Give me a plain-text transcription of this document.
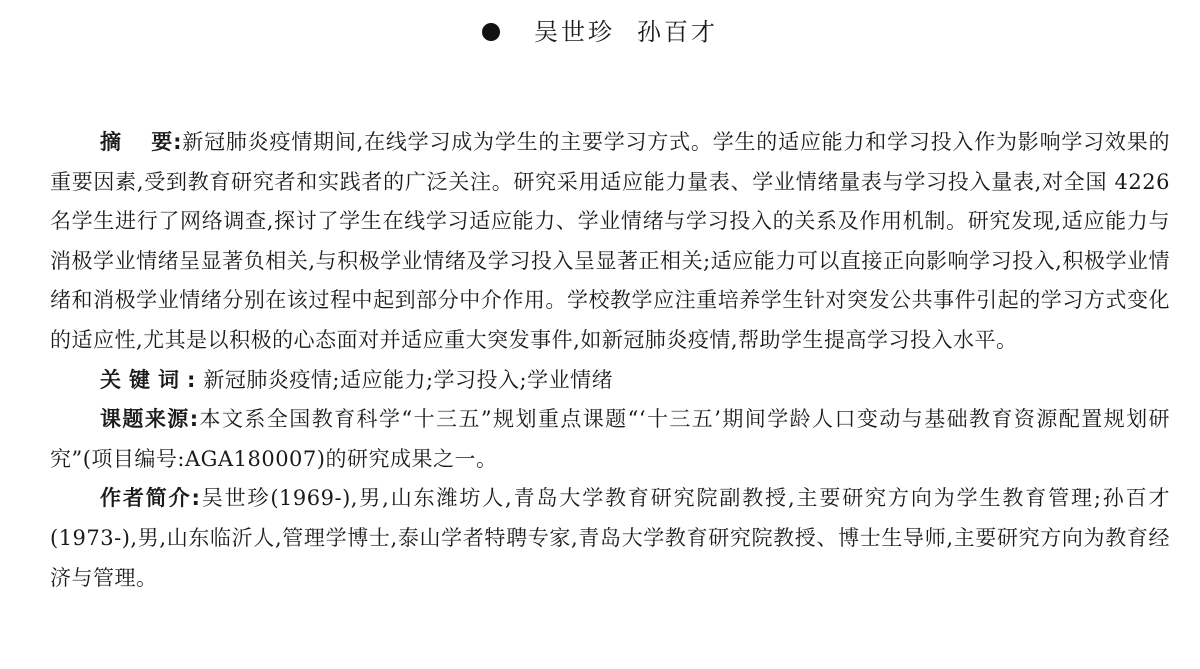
吴世珍 孙百才

摘要:新冠肺炎疫情期间,在线学习成为学生的主要学习方式。学生的适应能力和学习投入作为影响学习效果的重要因素,受到教育研究者和实践者的广泛关注。研究采用适应能力量表、学业情绪量表与学习投入量表,对全国 4226 名学生进行了网络调查,探讨了学生在线学习适应能力、学业情绪与学习投入的关系及作用机制。研究发现,适应能力与消极学业情绪呈显著负相关,与积极学业情绪及学习投入呈显著正相关;适应能力可以直接正向影响学习投入,积极学业情绪和消极学业情绪分别在该过程中起到部分中介作用。学校教学应注重培养学生针对突发公共事件引起的学习方式变化的适应性,尤其是以积极的心态面对并适应重大突发事件,如新冠肺炎疫情,帮助学生提高学习投入水平。

关键词:新冠肺炎疫情;适应能力;学习投入;学业情绪

课题来源:本文系全国教育科学“十三五”规划重点课题“‘十三五’期间学龄人口变动与基础教育资源配置规划研究”(项目编号:AGA180007)的研究成果之一。

作者简介:吴世珍(1969-),男,山东潍坊人,青岛大学教育研究院副教授,主要研究方向为学生教育管理;孙百才(1973-),男,山东临沂人,管理学博士,泰山学者特聘专家,青岛大学教育研究院教授、博士生导师,主要研究方向为教育经济与管理。
